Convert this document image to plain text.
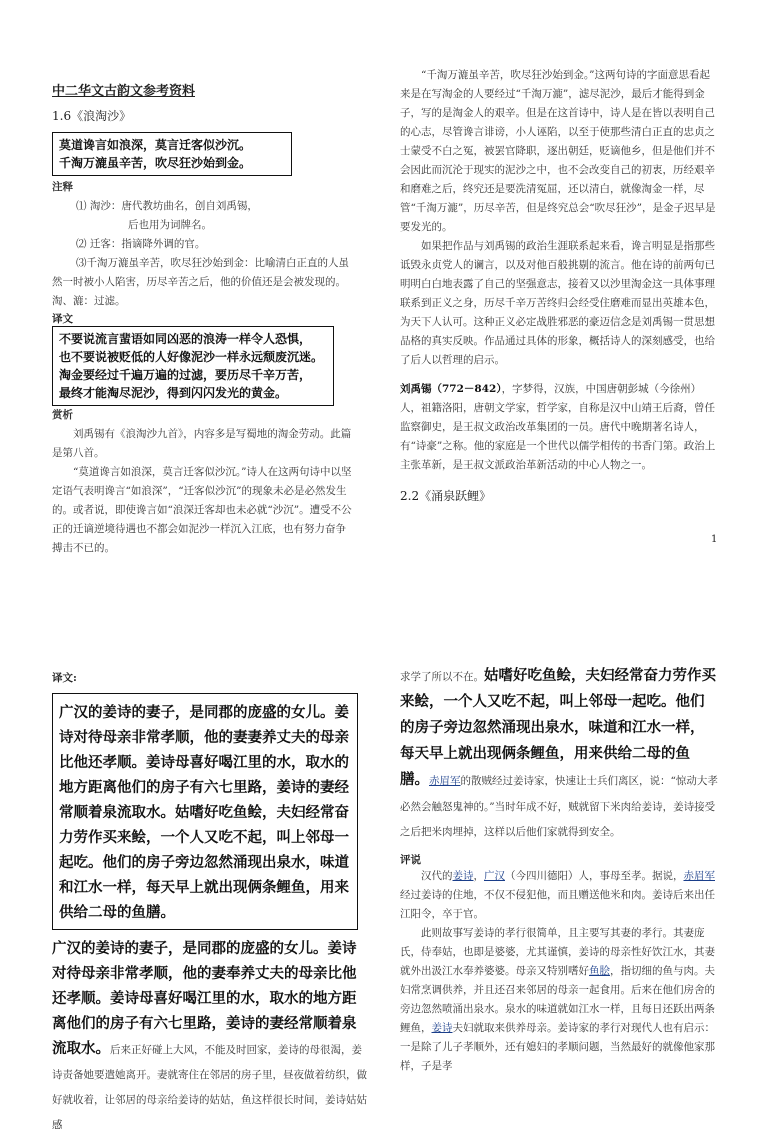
中二华文古韵文参考资料

1.6《浪淘沙》

莫道谗言如浪深，莫言迁客似沙沉。
千淘万漉虽辛苦，吹尽狂沙始到金。

注释

⑴ 淘沙：唐代教坊曲名，创自刘禹锡，

后也用为词牌名。

⑵ 迁客：指谪降外调的官。

⑶千淘万漉虽辛苦，吹尽狂沙始到金：比喻清白正直的人虽然一时被小人陷害，历尽辛苦之后，他的价值还是会被发现的。淘、漉：过滤。

译文

不要说流言蜚语如同凶恶的浪涛一样令人恐惧，
也不要说被贬低的人好像泥沙一样永远颓废沉迷。
淘金要经过千遍万遍的过滤，要历尽千辛万苦，
最终才能淘尽泥沙，得到闪闪发光的黄金。

赏析

刘禹锡有《浪淘沙九首》，内容多是写蜀地的淘金劳动。此篇是第八首。

“莫道谗言如浪深，莫言迁客似沙沉。”诗人在这两句诗中以坚定语气表明谗言“如浪深”，“迁客似沙沉”的现象未必是必然发生的。或者说，即使谗言如“浪深迁客却也未必就“沙沉”。遭受不公正的迁谪逆境待遇也不都会如泥沙一样沉入江底，也有努力奋争搏击不已的。

“千淘万漉虽辛苦，吹尽狂沙始到金。”这两句诗的字面意思看起来是在写淘金的人要经过“千淘万漉”，滤尽泥沙，最后才能得到金子，写的是淘金人的艰辛。但是在这首诗中，诗人是在皆以表明自己的心志，尽管谗言诽谤，小人诬陷，以至于使那些清白正直的忠贞之士蒙受不白之冤，被罢官降职，逐出朝廷，贬谪他乡，但是他们并不会因此而沉沦于现实的泥沙之中，也不会改变自己的初衷，历经艰辛和磨难之后，终究还是要洗清冤屈，还以清白，就像淘金一样，尽管“千淘万漉”，历尽辛苦，但是终究总会“吹尽狂沙”，是金子迟早是要发光的。

如果把作品与刘禹锡的政治生涯联系起来看，谗言明显是指那些诋毁永贞党人的谰言，以及对他百般挑剔的流言。他在诗的前两句已明明白白地表露了自己的坚强意志，接着又以沙里淘金这一具体事理联系到正义之身，历尽千辛万苦终归会经受住磨难而显出英雄本色，为天下人认可。这种正义必定战胜邪恶的豪迈信念是刘禹锡一贯思想品格的真实反映。作品通过具体的形象，概括诗人的深刻感受，也给了后人以哲理的启示。

刘禹锡（772－842），字梦得，汉族，中国唐朝彭城（今徐州）人，祖籍洛阳，唐朝文学家，哲学家，自称是汉中山靖王后裔，曾任监察御史，是王叔文政治改革集团的一员。唐代中晚期著名诗人，有“诗豪”之称。他的家庭是一个世代以儒学相传的书香门第。政治上主张革新，是王叔文派政治革新活动的中心人物之一。

2.2《涌泉跃鲤》

1

译文:

广汉的姜诗的妻子，是同郡的庞盛的女儿。姜诗对待母亲非常孝顺，他的妻妻养丈夫的母亲比他还孝顺。姜诗母喜好喝江里的水，取水的地方距离他们的房子有六七里路，姜诗的妻经常顺着泉流取水。姑嗜好吃鱼鲙，夫妇经常奋力劳作买来鲙，一个人又吃不起，叫上邻母一起吃。他们的房子旁边忽然涌现出泉水，味道和江水一样，每天早上就出现俩条鲤鱼，用来供给二母的鱼膳。
广汉的姜诗的妻子，是同郡的庞盛的女儿。姜诗对待母亲非常孝顺，他的妻奉养丈夫的母亲比他还孝顺。姜诗母喜好喝江里的水，取水的地方距离他们的房子有六七里路，姜诗的妻经常顺着泉流取水。后来正好碰上大风，不能及时回家，姜诗的母很渴，姜诗责备她要遣她离开。妻就寄住在邻居的房子里，昼夜做着纺织，做好就收着，让邻居的母亲给姜诗的姑姑，鱼这样很长时间，姜诗姑姑感

求学了所以不在。姑嗜好吃鱼鲙，夫妇经常奋力劳作买来鲙，一个人又吃不起，叫上邻母一起吃。他们的房子旁边忽然涌现出泉水，味道和江水一样，每天早上就出现俩条鲤鱼，用来供给二母的鱼膳。赤眉军的散贼经过姜诗家，快速让士兵们离区，说：“惊动大孝必然会触怒鬼神的。”当时年成不好，贼就留下米肉给姜诗，姜诗接受之后把米肉埋掉，这样以后他们家就得到安全。

评说

汉代的姜诗，广汉（今四川德阳）人，事母至孝。据说，赤眉军经过姜诗的住地，不仅不侵犯他，而且赠送他米和肉。姜诗后来出任江阳令，卒于官。

此则故事写姜诗的孝行很简单，且主要写其妻的孝行。其妻庞氏，侍奉姑，也即是婆婆，尤其谨慎，姜诗的母亲性好饮江水，其妻就外出汲江水奉养婆婆。母亲又特别嗜好鱼脍，指切细的鱼与肉。夫妇常烹调供养，并且还召来邻居的母亲一起食用。后来在他们房舍的旁边忽然喷涌出泉水。泉水的味道就如江水一样，且每日还跃出两条鲤鱼，姜诗夫妇就取来供养母亲。姜诗家的孝行对现代人也有启示：一是除了儿子孝顺外，还有媳妇的孝顺问题，当然最好的就像他家那样，子是孝
